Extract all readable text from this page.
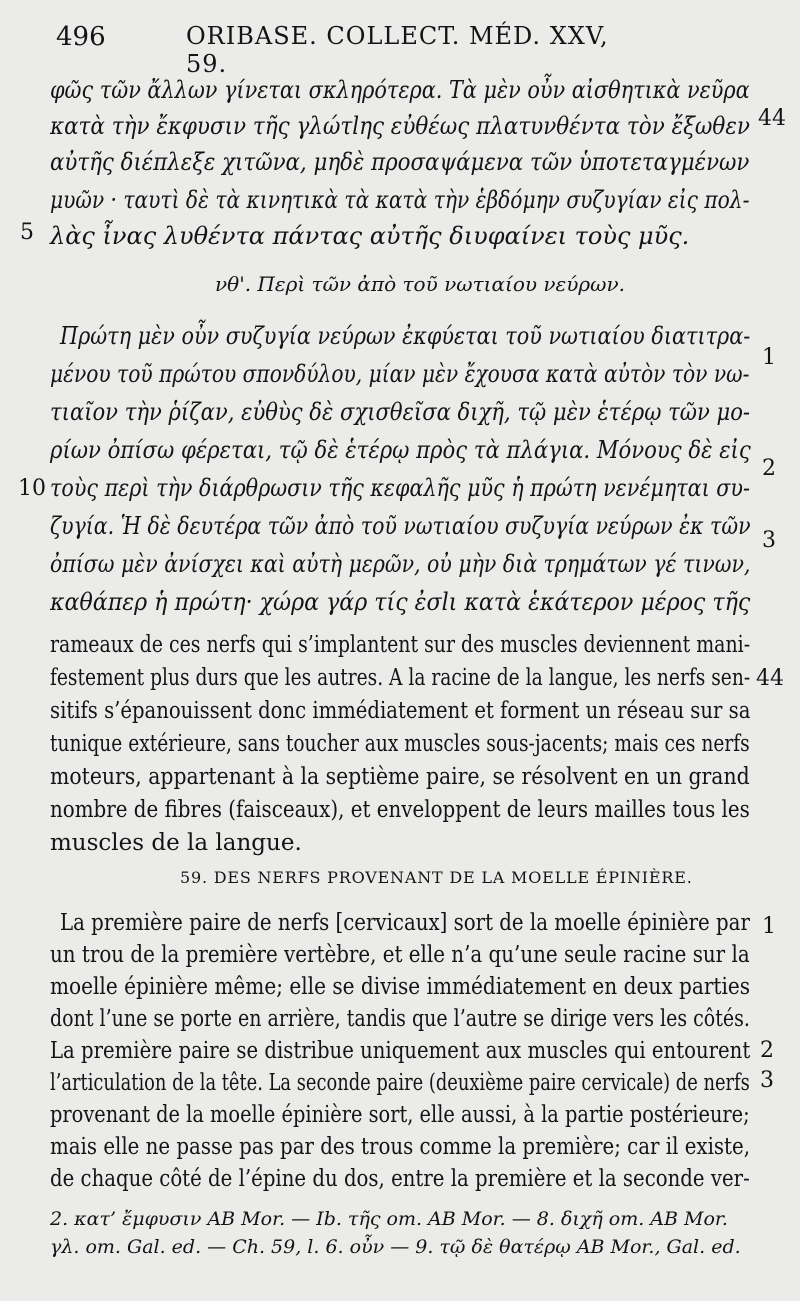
496	ORIBASE. COLLECT. MÉD. XXV, 59.
φῶς τῶν ἄλλων γίνεται σκληρότερα. Τὰ μὲν οὖν αἰσθητικὰ νεῦρα
κατὰ τὴν ἔκφυσιν τῆς γλώτlης εὐθέως πλατυνθέντα τὸν ἔξωθεν
αὐτῆς διέπλεξε χιτῶνα, μηδὲ προσαψάμενα τῶν ὑποτεταγμένων
μυῶν · ταυτὶ δὲ τὰ κινητικὰ τὰ κατὰ τὴν ἑβδόμην συζυγίαν εἰς πολ-
λὰς ἶνας λυθέντα πάντας αὐτῆς διυφαίνει τοὺς μῦς.
νθ'. Περὶ τῶν ἀπὸ τοῦ νωτιαίου νεύρων.
Πρώτη μὲν οὖν συζυγία νεύρων ἐκφύεται τοῦ νωτιαίου διατιτρα-
μένου τοῦ πρώτου σπονδύλου, μίαν μὲν ἔχουσα κατὰ αὐτὸν τὸν νω-
τιαῖον τὴν ῥίζαν, εὐθὺς δὲ σχισθεῖσα διχῆ, τῷ μὲν ἑτέρῳ τῶν μο-
ρίων ὀπίσω φέρεται, τῷ δὲ ἑτέρῳ πρὸς τὰ πλάγια. Μόνους δὲ εἰς
τοὺς περὶ τὴν διάρθρωσιν τῆς κεφαλῆς μῦς ἡ πρώτη νενέμηται συ-
ζυγία. Ἡ δὲ δευτέρα τῶν ἀπὸ τοῦ νωτιαίου συζυγία νεύρων ἐκ τῶν
ὀπίσω μὲν ἀνίσχει καὶ αὐτὴ μερῶν, οὐ μὴν διὰ τρημάτων γέ τινων,
καθάπερ ἡ πρώτη· χώρα γάρ τίς ἐσlι κατὰ ἑκάτερον μέρος τῆς
rameaux de ces nerfs qui s’implantent sur des muscles deviennent mani-
festement plus durs que les autres. A la racine de la langue, les nerfs sen-
sitifs s’épanouissent donc immédiatement et forment un réseau sur sa
tunique extérieure, sans toucher aux muscles sous-jacents; mais ces nerfs
moteurs, appartenant à la septième paire, se résolvent en un grand
nombre de fibres (faisceaux), et enveloppent de leurs mailles tous les
muscles de la langue.
59. DES NERFS PROVENANT DE LA MOELLE ÉPINIÈRE.
La première paire de nerfs [cervicaux] sort de la moelle épinière par
un trou de la première vertèbre, et elle n’a qu’une seule racine sur la
moelle épinière même; elle se divise immédiatement en deux parties
dont l’une se porte en arrière, tandis que l’autre se dirige vers les côtés.
La première paire se distribue uniquement aux muscles qui entourent
l’articulation de la tête. La seconde paire (deuxième paire cervicale) de nerfs
provenant de la moelle épinière sort, elle aussi, à la partie postérieure;
mais elle ne passe pas par des trous comme la première; car il existe,
de chaque côté de l’épine du dos, entre la première et la seconde ver-
2. κατ’ ἔμφυσιν AB Mor. — Ib. τῆς om. AB Mor. — 8. διχῆ om. AB Mor.
γλ. om. Gal. ed. — Ch. 59, l. 6. οὖν — 9. τῷ δὲ θατέρῳ AB Mor., Gal. ed.
5
10
44
1
2
3
44
1
2
3
